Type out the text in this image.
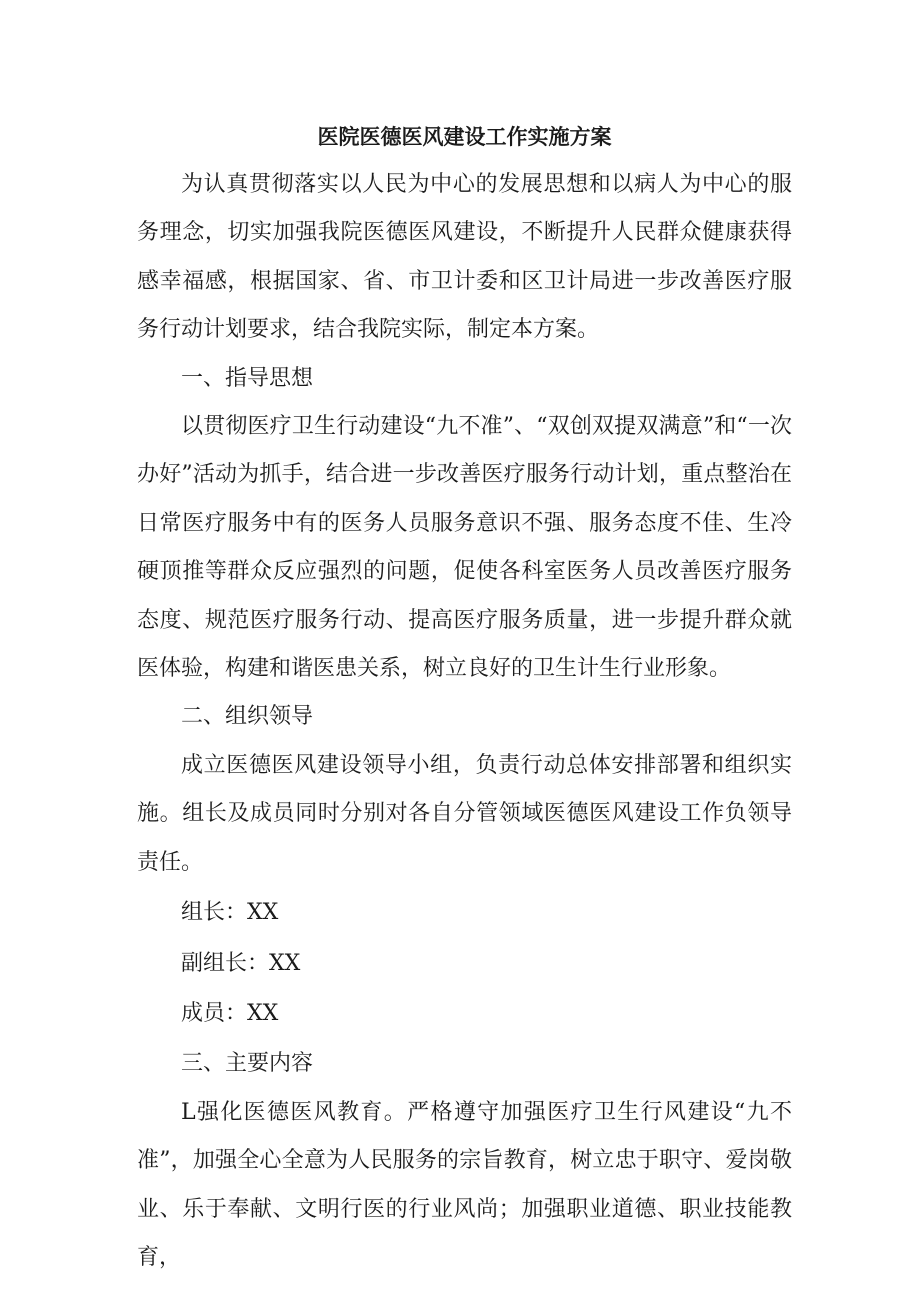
医院医德医风建设工作实施方案

为认真贯彻落实以人民为中心的发展思想和以病人为中心的服务理念，切实加强我院医德医风建设，不断提升人民群众健康获得感幸福感，根据国家、省、市卫计委和区卫计局进一步改善医疗服务行动计划要求，结合我院实际，制定本方案。

一、指导思想

以贯彻医疗卫生行动建设“九不准”、“双创双提双满意”和“一次办好”活动为抓手，结合进一步改善医疗服务行动计划，重点整治在日常医疗服务中有的医务人员服务意识不强、服务态度不佳、生冷硬顶推等群众反应强烈的问题，促使各科室医务人员改善医疗服务态度、规范医疗服务行动、提高医疗服务质量，进一步提升群众就医体验，构建和谐医患关系，树立良好的卫生计生行业形象。

二、组织领导

成立医德医风建设领导小组，负责行动总体安排部署和组织实施。组长及成员同时分别对各自分管领域医德医风建设工作负领导责任。

组长：XX

副组长：XX

成员：XX

三、主要内容

L强化医德医风教育。严格遵守加强医疗卫生行风建设“九不准”，加强全心全意为人民服务的宗旨教育，树立忠于职守、爱岗敬业、乐于奉献、文明行医的行业风尚；加强职业道德、职业技能教育，
